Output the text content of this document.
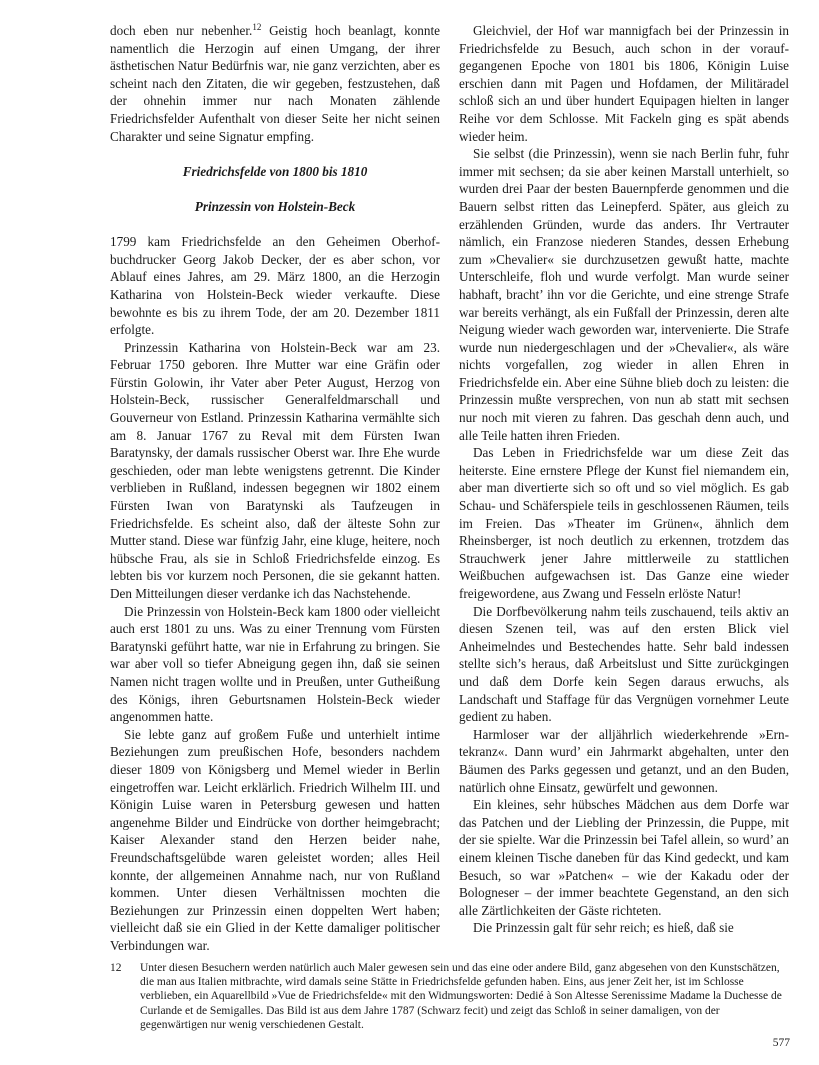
doch eben nur nebenher.$^{12}$ Geistig hoch beanlagt, konnte namentlich die Herzogin auf einen Umgang, der ihrer ästhetischen Natur Bedürfnis war, nie ganz verzichten, aber es scheint nach den Zitaten, die wir gegeben, festzustehen, daß der ohnehin immer nur nach Monaten zählende Friedrichsfelder Aufenthalt von dieser Seite her nicht seinen Charakter und seine Signatur empfing.

Friedrichsfelde von 1800 bis 1810
Prinzessin von Holstein-Beck

1799 kam Friedrichsfelde an den Geheimen Oberhofbuchdrucker Georg Jakob Decker, der es aber schon, vor Ablauf eines Jahres, am 29. März 1800, an die Herzogin Katharina von Holstein-Beck wieder verkaufte. Diese bewohnte es bis zu ihrem Tode, der am 20. Dezember 1811 erfolgte.

Prinzessin Katharina von Holstein-Beck war am 23. Februar 1750 geboren. Ihre Mutter war eine Gräfin oder Fürstin Golowin, ihr Vater aber Peter August, Herzog von Holstein-Beck, russischer Generalfeldmarschall und Gouverneur von Estland. Prinzessin Katharina vermählte sich am 8. Januar 1767 zu Reval mit dem Fürsten Iwan Baratynsky, der damals russischer Oberst war. Ihre Ehe wurde geschieden, oder man lebte wenigstens getrennt. Die Kinder verblieben in Rußland, indessen begegnen wir 1802 einem Fürsten Iwan von Baratynski als Taufzeugen in Friedrichsfelde. Es scheint also, daß der älteste Sohn zur Mutter stand. Diese war fünfzig Jahr, eine kluge, heitere, noch hübsche Frau, als sie in Schloß Friedrichsfelde einzog. Es lebten bis vor kurzem noch Personen, die sie gekannt hatten. Den Mitteilungen dieser verdanke ich das Nachstehende.

Die Prinzessin von Holstein-Beck kam 1800 oder vielleicht auch erst 1801 zu uns. Was zu einer Trennung vom Fürsten Baratynski geführt hatte, war nie in Erfahrung zu bringen. Sie war aber voll so tiefer Abneigung gegen ihn, daß sie seinen Namen nicht tragen wollte und in Preußen, unter Gutheißung des Königs, ihren Geburtsnamen Holstein-Beck wieder angenommen hatte.

Sie lebte ganz auf großem Fuße und unterhielt intime Beziehungen zum preußischen Hofe, besonders nachdem dieser 1809 von Königsberg und Memel wieder in Berlin eingetroffen war. Leicht erklärlich. Friedrich Wilhelm III. und Königin Luise waren in Petersburg gewesen und hatten angenehme Bilder und Eindrücke von dorther heimgebracht; Kaiser Alexander stand den Herzen beider nahe, Freundschaftsgelübde waren geleistet worden; alles Heil konnte, der allgemeinen Annahme nach, nur von Rußland kommen. Unter diesen Verhältnissen mochten die Beziehungen zur Prinzessin einen doppelten Wert haben; vielleicht daß sie ein Glied in der Kette damaliger politischer Verbindungen war.

Gleichviel, der Hof war mannigfach bei der Prinzessin in Friedrichsfelde zu Besuch, auch schon in der voraufgegangenen Epoche von 1801 bis 1806, Königin Luise erschien dann mit Pagen und Hofdamen, der Militäradel schloß sich an und über hundert Equipagen hielten in langer Reihe vor dem Schlosse. Mit Fackeln ging es spät abends wieder heim.

Sie selbst (die Prinzessin), wenn sie nach Berlin fuhr, fuhr immer mit sechsen; da sie aber keinen Marstall unterhielt, so wurden drei Paar der besten Bauernpferde genommen und die Bauern selbst ritten das Leinepferd. Später, aus gleich zu erzählenden Gründen, wurde das anders. Ihr Vertrauter nämlich, ein Franzose niederen Standes, dessen Erhebung zum »Chevalier« sie durchzusetzen gewußt hatte, machte Unterschleife, floh und wurde verfolgt. Man wurde seiner habhaft, bracht’ ihn vor die Gerichte, und eine strenge Strafe war bereits verhängt, als ein Fußfall der Prinzessin, deren alte Neigung wieder wach geworden war, intervenierte. Die Strafe wurde nun niedergeschlagen und der »Chevalier«, als wäre nichts vorgefallen, zog wieder in allen Ehren in Friedrichsfelde ein. Aber eine Sühne blieb doch zu leisten: die Prinzessin mußte versprechen, von nun ab statt mit sechsen nur noch mit vieren zu fahren. Das geschah denn auch, und alle Teile hatten ihren Frieden.

Das Leben in Friedrichsfelde war um diese Zeit das heiterste. Eine ernstere Pflege der Kunst fiel niemandem ein, aber man divertierte sich so oft und so viel möglich. Es gab Schau- und Schäferspiele teils in geschlossenen Räumen, teils im Freien. Das »Theater im Grünen«, ähnlich dem Rheinsberger, ist noch deutlich zu erkennen, trotzdem das Strauchwerk jener Jahre mittlerweile zu stattlichen Weißbuchen aufgewachsen ist. Das Ganze eine wieder freigewordene, aus Zwang und Fesseln erlöste Natur!

Die Dorfbevölkerung nahm teils zuschauend, teils aktiv an diesen Szenen teil, was auf den ersten Blick viel Anheimelndes und Bestechendes hatte. Sehr bald indessen stellte sich’s heraus, daß Arbeitslust und Sitte zurückgingen und daß dem Dorfe kein Segen daraus erwuchs, als Landschaft und Staffage für das Vergnügen vornehmer Leute gedient zu haben.

Harmloser war der alljährlich wiederkehrende »Erntekranz«. Dann wurd’ ein Jahrmarkt abgehalten, unter den Bäumen des Parks gegessen und getanzt, und an den Buden, natürlich ohne Einsatz, gewürfelt und gewonnen.

Ein kleines, sehr hübsches Mädchen aus dem Dorfe war das Patchen und der Liebling der Prinzessin, die Puppe, mit der sie spielte. War die Prinzessin bei Tafel allein, so wurd’ an einem kleinen Tische daneben für das Kind gedeckt, und kam Besuch, so war »Patchen« – wie der Kakadu oder der Bologneser – der immer beachtete Gegenstand, an den sich alle Zärtlichkeiten der Gäste richteten.

Die Prinzessin galt für sehr reich; es hieß, daß sie

12 Unter diesen Besuchern werden natürlich auch Maler gewesen sein und das eine oder andere Bild, ganz abgesehen von den Kunstschätzen, die man aus Italien mitbrachte, wird damals seine Stätte in Friedrichsfelde gefunden haben. Eins, aus jener Zeit her, ist im Schlosse verblieben, ein Aquarellbild »Vue de Friedrichsfelde« mit den Widmungsworten: Dedié à Son Altesse Serenissime Madame la Duchesse de Curlande et de Semigalles. Das Bild ist aus dem Jahre 1787 (Schwarz fecit) und zeigt das Schloß in seiner damaligen, von der gegenwärtigen nur wenig verschiedenen Gestalt.
577
